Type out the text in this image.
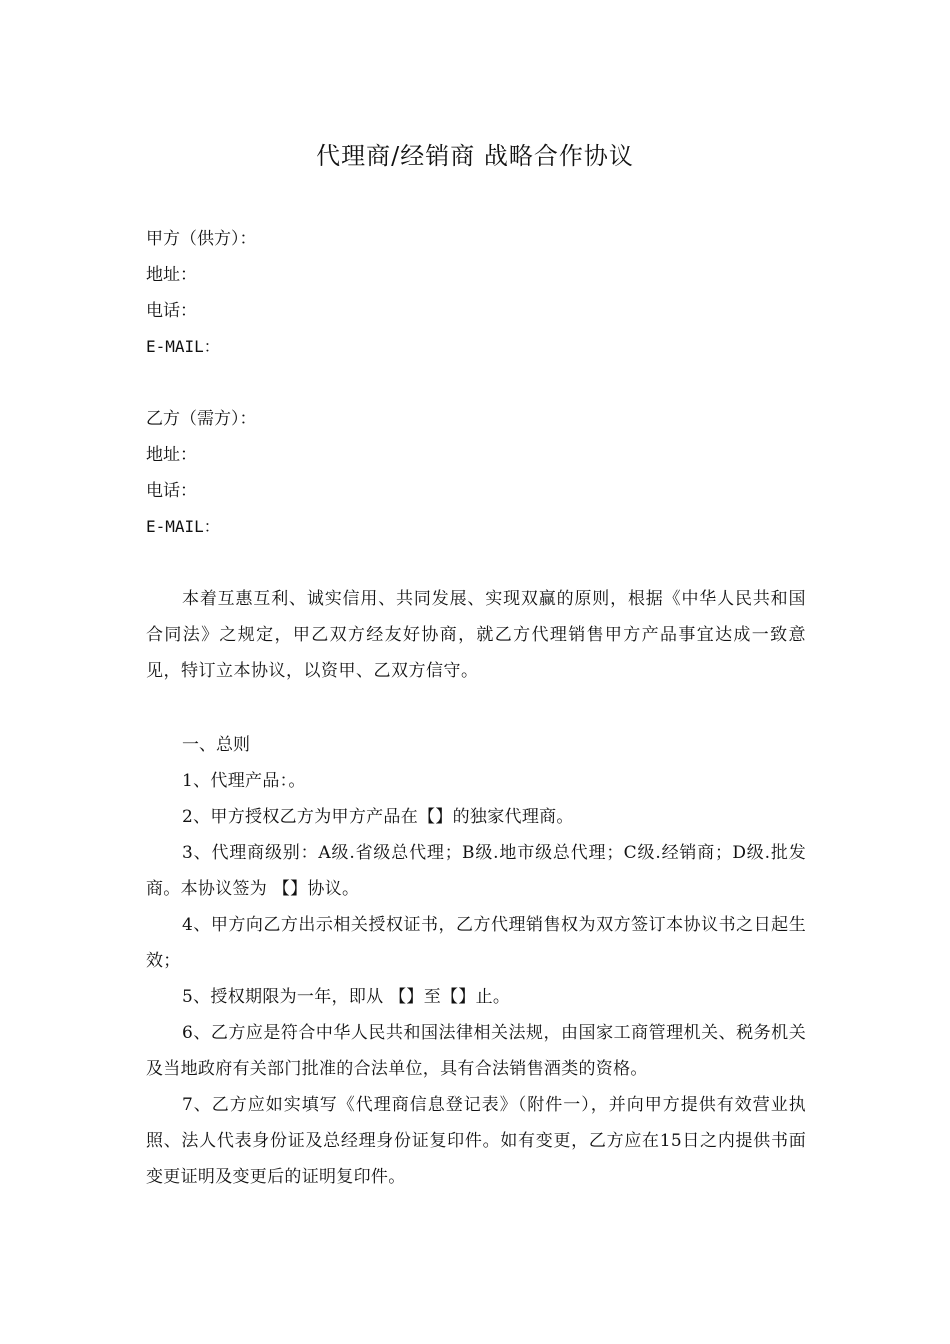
代理商/经销商 战略合作协议
甲方（供方）：
地址：
电话：
E-MAIL：
乙方（需方）：
地址：
电话：
E-MAIL：

本着互惠互利、诚实信用、共同发展、实现双赢的原则，根据《中华人民共和国合同法》之规定，甲乙双方经友好协商，就乙方代理销售甲方产品事宜达成一致意见，特订立本协议，以资甲、乙双方信守。

一、总则

1、代理产品：。

2、甲方授权乙方为甲方产品在【】的独家代理商。

3、代理商级别：A级.省级总代理；B级.地市级总代理；C级.经销商；D级.批发商。本协议签为 【】协议。

4、甲方向乙方出示相关授权证书，乙方代理销售权为双方签订本协议书之日起生效；

5、授权期限为一年，即从 【】至【】止。

6、乙方应是符合中华人民共和国法律相关法规，由国家工商管理机关、税务机关及当地政府有关部门批准的合法单位，具有合法销售酒类的资格。

7、乙方应如实填写《代理商信息登记表》（附件一），并向甲方提供有效营业执照、法人代表身份证及总经理身份证复印件。如有变更，乙方应在15日之内提供书面变更证明及变更后的证明复印件。
